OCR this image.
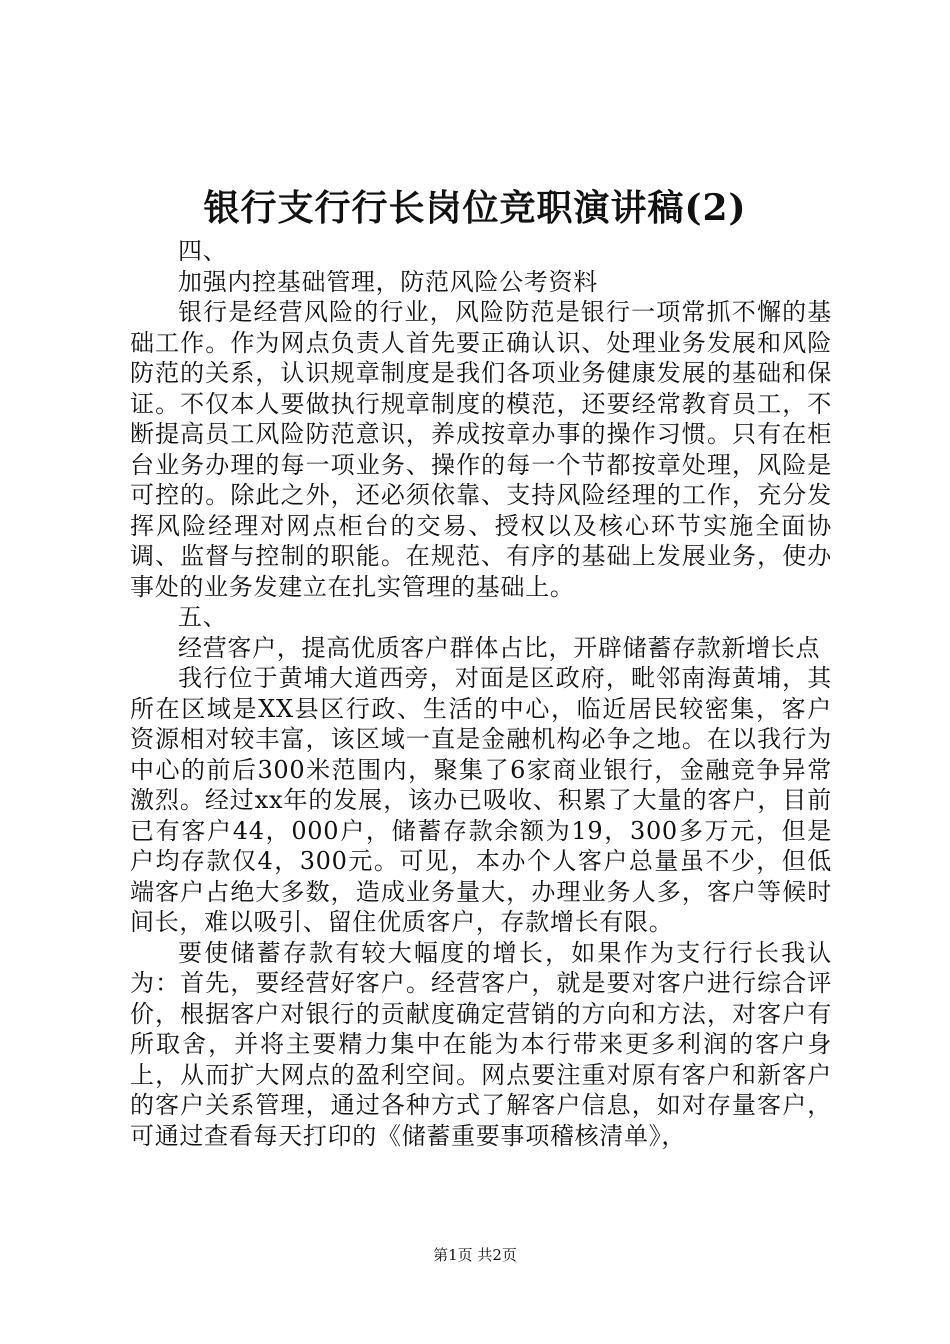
银行支行行长岗位竞职演讲稿(2)

四、

加强内控基础管理，防范风险公考资料

银行是经营风险的行业，风险防范是银行一项常抓不懈的基础工作。作为网点负责人首先要正确认识、处理业务发展和风险防范的关系，认识规章制度是我们各项业务健康发展的基础和保证。不仅本人要做执行规章制度的模范，还要经常教育员工，不断提高员工风险防范意识，养成按章办事的操作习惯。只有在柜台业务办理的每一项业务、操作的每一个节都按章处理，风险是可控的。除此之外，还必须依靠、支持风险经理的工作，充分发挥风险经理对网点柜台的交易、授权以及核心环节实施全面协调、监督与控制的职能。在规范、有序的基础上发展业务，使办事处的业务发建立在扎实管理的基础上。

五、

经营客户，提高优质客户群体占比，开辟储蓄存款新增长点

我行位于黄埔大道西旁，对面是区政府，毗邻南海黄埔，其所在区域是XX县区行政、生活的中心，临近居民较密集，客户资源相对较丰富，该区域一直是金融机构必争之地。在以我行为中心的前后300米范围内，聚集了6家商业银行，金融竞争异常激烈。经过xx年的发展，该办已吸收、积累了大量的客户，目前已有客户44，000户，储蓄存款余额为19，300多万元，但是户均存款仅4，300元。可见，本办个人客户总量虽不少，但低端客户占绝大多数，造成业务量大，办理业务人多，客户等候时间长，难以吸引、留住优质客户，存款增长有限。

要使储蓄存款有较大幅度的增长，如果作为支行行长我认为：首先，要经营好客户。经营客户，就是要对客户进行综合评价，根据客户对银行的贡献度确定营销的方向和方法，对客户有所取舍，并将主要精力集中在能为本行带来更多利润的客户身上，从而扩大网点的盈利空间。网点要注重对原有客户和新客户的客户关系管理，通过各种方式了解客户信息，如对存量客户，可通过查看每天打印的《储蓄重要事项稽核清单》，

第1页 共2页
